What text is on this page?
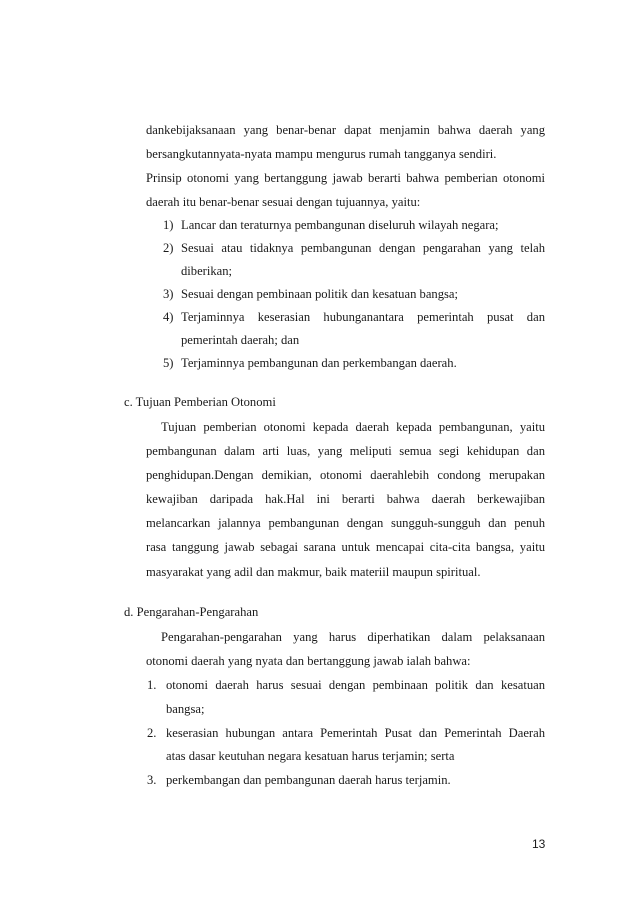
dankebijaksanaan yang benar-benar dapat menjamin bahwa daerah yang
bersangkutannyata-nyata mampu mengurus rumah tangganya sendiri.
Prinsip otonomi yang bertanggung jawab berarti bahwa pemberian otonomi
daerah itu benar-benar sesuai dengan tujuannya, yaitu:
1) Lancar dan teraturnya pembangunan diseluruh wilayah negara;
2) Sesuai atau tidaknya pembangunan dengan pengarahan yang telah
diberikan;
3) Sesuai dengan pembinaan politik dan kesatuan bangsa;
4) Terjaminnya keserasian hubunganantara pemerintah pusat dan
pemerintah daerah; dan
5) Terjaminnya pembangunan dan perkembangan daerah.
c. Tujuan Pemberian Otonomi
Tujuan pemberian otonomi kepada daerah kepada pembangunan, yaitu
pembangunan dalam arti luas, yang meliputi semua segi kehidupan dan
penghidupan.Dengan demikian, otonomi daerahlebih condong merupakan
kewajiban daripada hak.Hal ini berarti bahwa daerah berkewajiban
melancarkan jalannya pembangunan dengan sungguh-sungguh dan penuh
rasa tanggung jawab sebagai sarana untuk mencapai cita-cita bangsa, yaitu
masyarakat yang adil dan makmur, baik materiil maupun spiritual.
d. Pengarahan-Pengarahan
Pengarahan-pengarahan yang harus diperhatikan dalam pelaksanaan
otonomi daerah yang nyata dan bertanggung jawab ialah bahwa:
1. otonomi daerah harus sesuai dengan pembinaan politik dan kesatuan
bangsa;
2. keserasian hubungan antara Pemerintah Pusat dan Pemerintah Daerah
atas dasar keutuhan negara kesatuan harus terjamin; serta
3. perkembangan dan pembangunan daerah harus terjamin.
13
